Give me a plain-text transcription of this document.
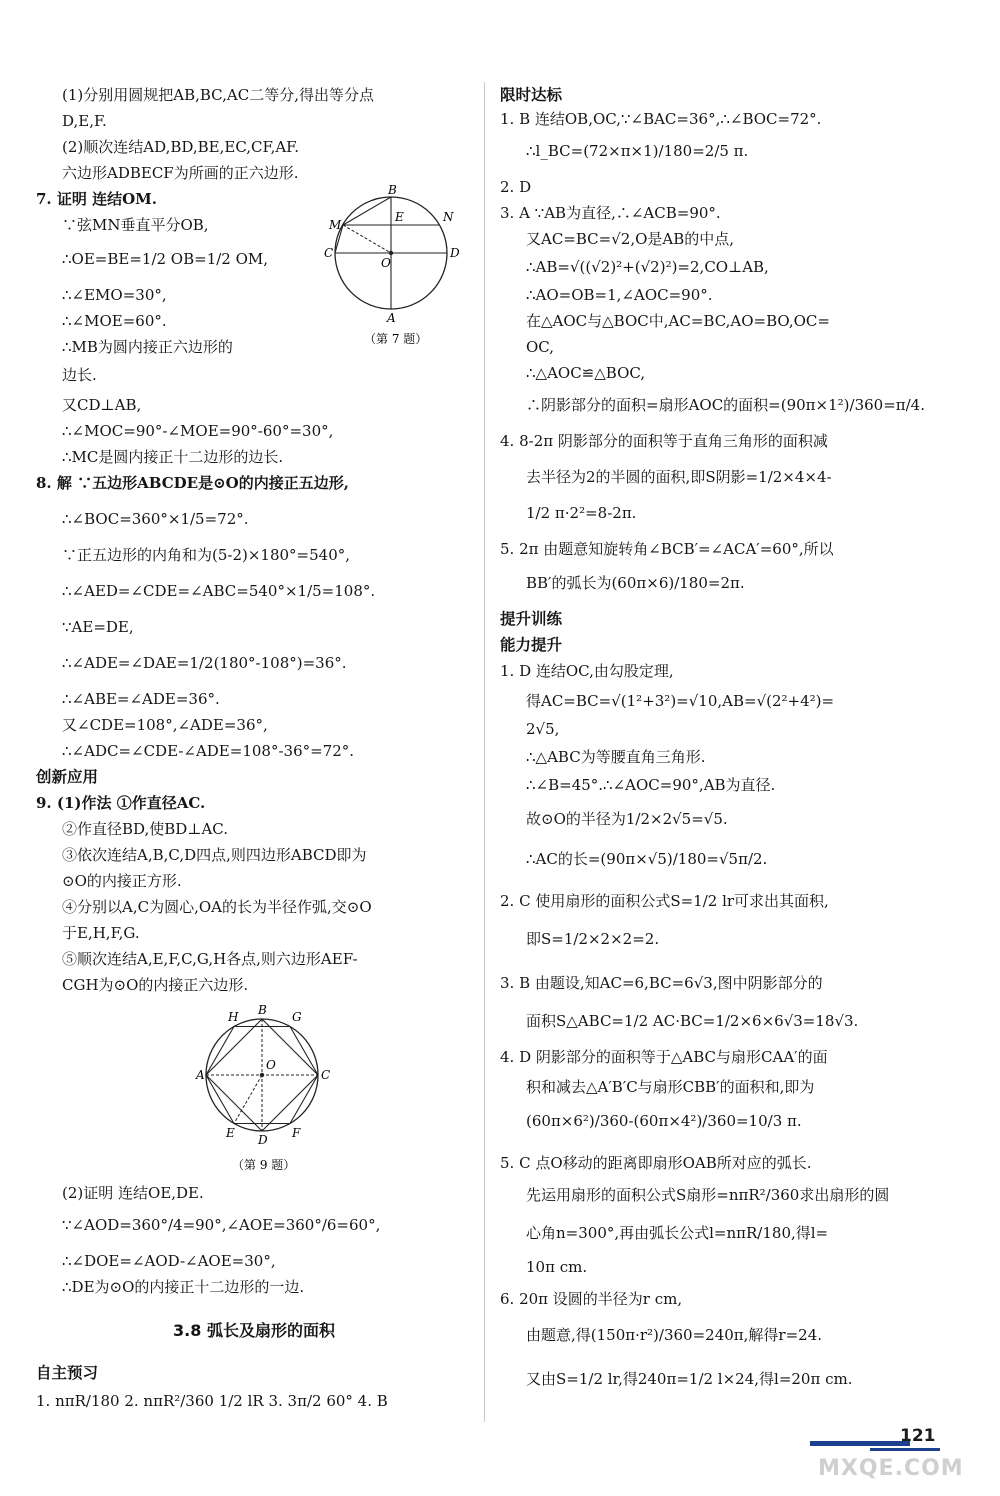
(1)分别用圆规把AB,BC,AC二等分,得出等分点
D,E,F.
(2)顺次连结AD,BD,BE,EC,CF,AF.
六边形ADBECF为所画的正六边形.
7. 证明 连结OM.
∵弦MN垂直平分OB,
∴OE=BE=1/2 OB=1/2 OM,
∴∠EMO=30°,
∴∠MOE=60°.
∴MB为圆内接正六边形的
边长.
又CD⊥AB,
∴∠MOC=90°-∠MOE=90°-60°=30°,
∴MC是圆内接正十二边形的边长.
8. 解 ∵五边形ABCDE是⊙O的内接正五边形,
∴∠BOC=360°×1/5=72°.
∵正五边形的内角和为(5-2)×180°=540°,
∴∠AED=∠CDE=∠ABC=540°×1/5=108°.
∵AE=DE,
∴∠ADE=∠DAE=1/2(180°-108°)=36°.
∴∠ABE=∠ADE=36°.
又∠CDE=108°,∠ADE=36°,
∴∠ADC=∠CDE-∠ADE=108°-36°=72°.
创新应用
9. (1)作法 ①作直径AC.
②作直径BD,使BD⊥AC.
③依次连结A,B,C,D四点,则四边形ABCD即为
⊙O的内接正方形.
④分别以A,C为圆心,OA的长为半径作弧,交⊙O
于E,H,F,G.
⑤顺次连结A,E,F,C,G,H各点,则六边形AEF-
CGH为⊙O的内接正六边形.
(2)证明 连结OE,DE.
∵∠AOD=360°/4=90°,∠AOE=360°/6=60°,
∴∠DOE=∠AOD-∠AOE=30°,
∴DE为⊙O的内接正十二边形的一边.
3.8 弧长及扇形的面积
自主预习
1. nπR/180 2. nπR²/360 1/2 lR 3. 3π/2 60° 4. B
B
M
E	N
C
O
D
A
（第 7 题）
H B G
O
A	C
E D F
（第 9 题）
限时达标
1. B 连结OB,OC,∵∠BAC=36°,∴∠BOC=72°.
∴l_BC=(72×π×1)/180=2/5 π.
2. D
3. A ∵AB为直径,∴∠ACB=90°.
又AC=BC=√2,O是AB的中点,
∴AB=√((√2)²+(√2)²)=2,CO⊥AB,
∴AO=OB=1,∠AOC=90°.
在△AOC与△BOC中,AC=BC,AO=BO,OC=
OC,
∴△AOC≌△BOC,
∴阴影部分的面积=扇形AOC的面积=(90π×1²)/360=π/4.
4. 8-2π 阴影部分的面积等于直角三角形的面积减
去半径为2的半圆的面积,即S阴影=1/2×4×4-
1/2 π·2²=8-2π.
5. 2π 由题意知旋转角∠BCB′=∠ACA′=60°,所以
BB′的弧长为(60π×6)/180=2π.
提升训练
能力提升
1. D 连结OC,由勾股定理,
得AC=BC=√(1²+3²)=√10,AB=√(2²+4²)=
2√5,
∴△ABC为等腰直角三角形.
∴∠B=45°.∴∠AOC=90°,AB为直径.
故⊙O的半径为1/2×2√5=√5.
∴AC的长=(90π×√5)/180=√5π/2.
2. C 使用扇形的面积公式S=1/2 lr可求出其面积,
即S=1/2×2×2=2.
3. B 由题设,知AC=6,BC=6√3,图中阴影部分的
面积S△ABC=1/2 AC·BC=1/2×6×6√3=18√3.
4. D 阴影部分的面积等于△ABC与扇形CAA′的面
积和减去△A′B′C与扇形CBB′的面积和,即为
(60π×6²)/360-(60π×4²)/360=10/3 π.
5. C 点O移动的距离即扇形OAB所对应的弧长.
先运用扇形的面积公式S扇形=nπR²/360求出扇形的圆
心角n=300°,再由弧长公式l=nπR/180,得l=
10π cm.
6. 20π 设圆的半径为r cm,
由题意,得(150π·r²)/360=240π,解得r=24.
又由S=1/2 lr,得240π=1/2 l×24,得l=20π cm.
121
MXQE.COM
